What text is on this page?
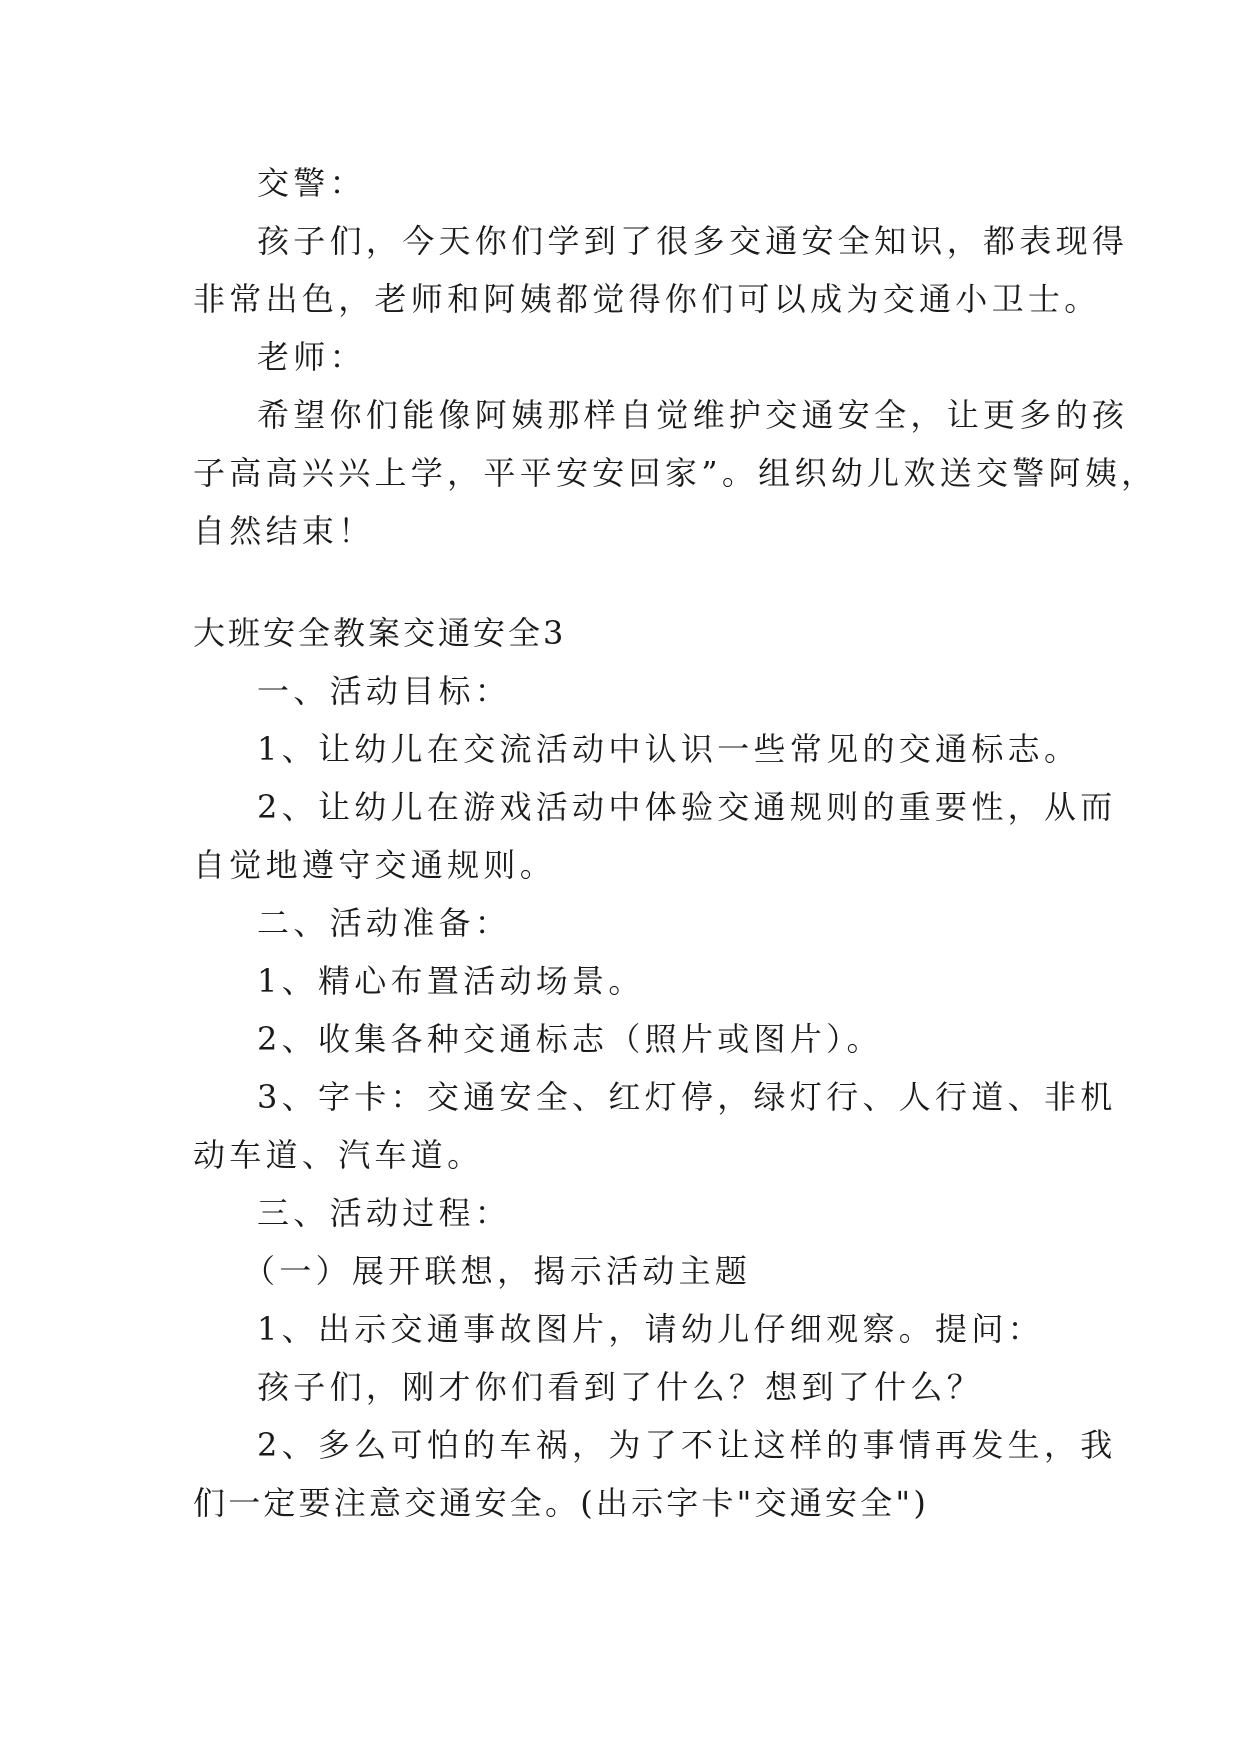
交警：
孩子们，今天你们学到了很多交通安全知识，都表现得
非常出色，老师和阿姨都觉得你们可以成为交通小卫士。
老师：
希望你们能像阿姨那样自觉维护交通安全，让更多的孩
子高高兴兴上学，平平安安回家”。组织幼儿欢送交警阿姨，
自然结束！
大班安全教案交通安全3
一、活动目标：
1、让幼儿在交流活动中认识一些常见的交通标志。
2、让幼儿在游戏活动中体验交通规则的重要性，从而
自觉地遵守交通规则。
二、活动准备：
1、精心布置活动场景。
2、收集各种交通标志（照片或图片）。
3、字卡：交通安全、红灯停，绿灯行、人行道、非机
动车道、汽车道。
三、活动过程：
（一）展开联想，揭示活动主题
1、出示交通事故图片，请幼儿仔细观察。提问：
孩子们，刚才你们看到了什么？想到了什么？
2、多么可怕的车祸，为了不让这样的事情再发生，我
们一定要注意交通安全。(出示字卡"交通安全")
